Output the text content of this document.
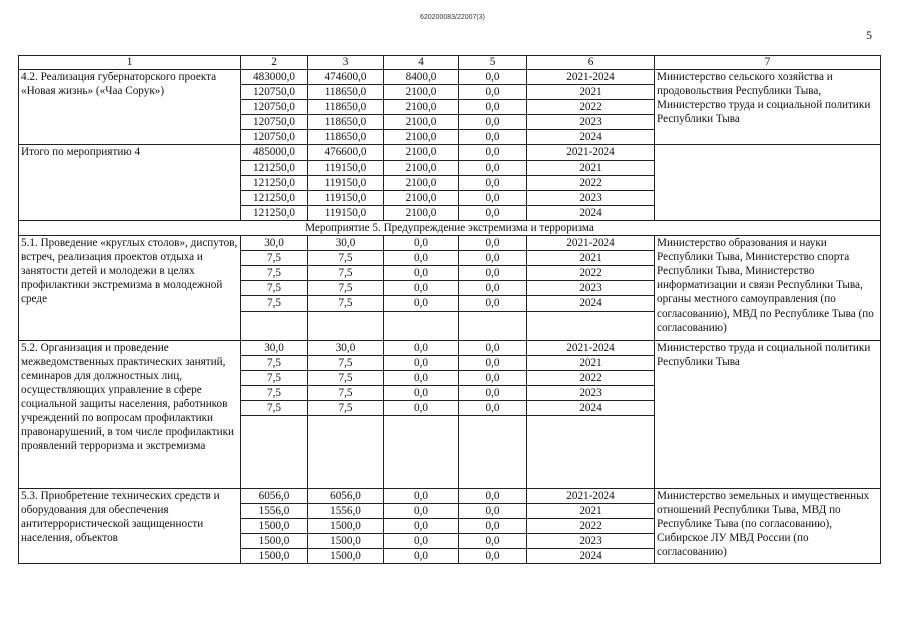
620200083/22007(3)
5
1	2	3	4	5	6	7
4.2. Реализация губернаторского проекта «Новая жизнь» («Чаа Сорук»)	483000,0	474600,0	8400,0	0,0	2021-2024	Министерство сельского хозяйства и продовольствия Республики Тыва, Министерство труда и социальной политики Республики Тыва
	120750,0	118650,0	2100,0	0,0	2021	
	120750,0	118650,0	2100,0	0,0	2022	
	120750,0	118650,0	2100,0	0,0	2023	
	120750,0	118650,0	2100,0	0,0	2024	
Итого по мероприятию 4	485000,0	476600,0	2100,0	0,0	2021-2024	
	121250,0	119150,0	2100,0	0,0	2021	
	121250,0	119150,0	2100,0	0,0	2022	
	121250,0	119150,0	2100,0	0,0	2023	
	121250,0	119150,0	2100,0	0,0	2024	
Мероприятие 5. Предупреждение экстремизма и терроризма						
5.1. Проведение «круглых столов», диспутов, встреч, реализация проектов отдыха и занятости детей и молодежи в целях профилактики экстремизма в молодежной среде	30,0	30,0	0,0	0,0	2021-2024	Министерство образования и науки Республики Тыва, Министерство спорта Республики Тыва, Министерство информатизации и связи Республики Тыва, органы местного самоуправления (по согласованию), МВД по Республике Тыва (по согласованию)
	7,5	7,5	0,0	0,0	2021	
	7,5	7,5	0,0	0,0	2022	
	7,5	7,5	0,0	0,0	2023	
	7,5	7,5	0,0	0,0	2024	

5.2. Организация и проведение межведомственных практических занятий, семинаров для должностных лиц, осуществляющих управление в сфере социальной защиты населения, работников учреждений по вопросам профилактики правонарушений, в том числе профилактики проявлений терроризма и экстремизма	30,0	30,0	0,0	0,0	2021-2024	Министерство труда и социальной политики Республики Тыва
	7,5	7,5	0,0	0,0	2021	
	7,5	7,5	0,0	0,0	2022	
	7,5	7,5	0,0	0,0	2023	
	7,5	7,5	0,0	0,0	2024	

5.3. Приобретение технических средств и оборудования для обеспечения антитеррористической защищенности населения, объектов	6056,0	6056,0	0,0	0,0	2021-2024	Министерство земельных и имущественных отношений Республики Тыва, МВД по Республике Тыва (по согласованию), Сибирское ЛУ МВД России (по согласованию)
	1556,0	1556,0	0,0	0,0	2021	
	1500,0	1500,0	0,0	0,0	2022	
	1500,0	1500,0	0,0	0,0	2023	
	1500,0	1500,0	0,0	0,0	2024	
